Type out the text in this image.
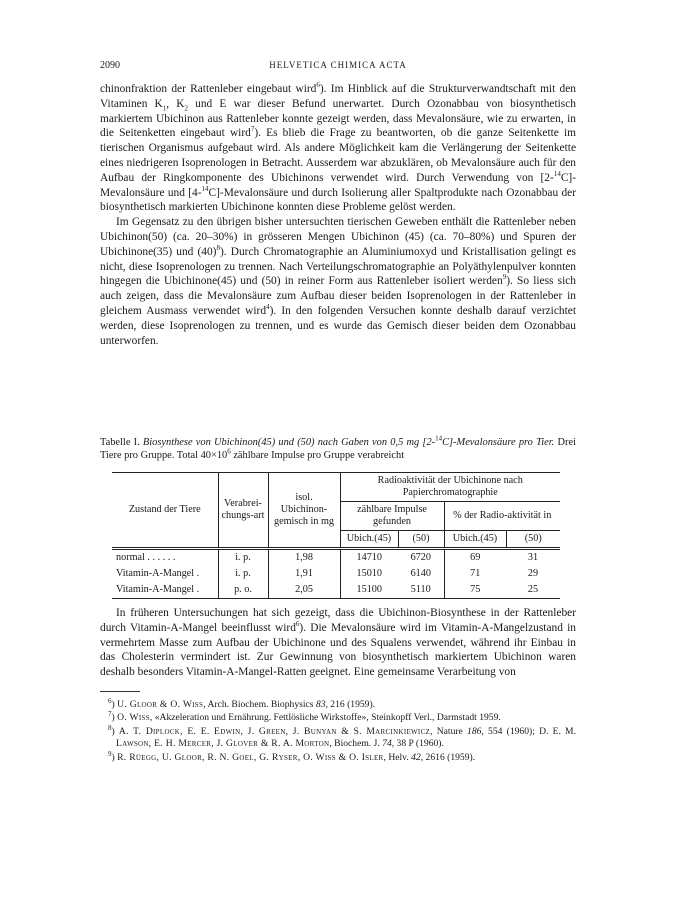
2090	HELVETICA CHIMICA ACTA

chinonfraktion der Rattenleber eingebaut wird$^6$). Im Hinblick auf die Strukturverwandtschaft mit den Vitaminen $K_1$, $K_2$ und E war dieser Befund unerwartet. Durch Ozonabbau von biosynthetisch markiertem Ubichinon aus Rattenleber konnte gezeigt werden, dass Mevalonsäure, wie zu erwarten, in die Seitenketten eingebaut wird$^7$). Es blieb die Frage zu beantworten, ob die ganze Seitenkette im tierischen Organismus aufgebaut wird. Als andere Möglichkeit kam die Verlängerung der Seitenkette eines niedrigeren Isoprenologen in Betracht. Ausserdem war abzuklären, ob Mevalonsäure auch für den Aufbau der Ringkomponente des Ubichinons verwendet wird. Durch Verwendung von [2-$^{14}$C]-Mevalonsäure und [4-$^{14}$C]-Mevalonsäure und durch Isolierung aller Spaltprodukte nach Ozonabbau der biosynthetisch markierten Ubichinone konnten diese Probleme gelöst werden.

Im Gegensatz zu den übrigen bisher untersuchten tierischen Geweben enthält die Rattenleber neben Ubichinon(50) (ca. 20–30%) in grösseren Mengen Ubichinon (45) (ca. 70–80%) und Spuren der Ubichinone(35) und $(40)^8$). Durch Chromatographie an Aluminiumoxyd und Kristallisation gelingt es nicht, diese Isoprenologen zu trennen. Nach Verteilungschromatographie an Polyäthylenpulver konnten hingegen die Ubichinone(45) und (50) in reiner Form aus Rattenleber isoliert werden$^9$). So liess sich auch zeigen, dass die Mevalonsäure zum Aufbau dieser beiden Isoprenologen in der Rattenleber in gleichem Ausmass verwendet wird$^4$). In den folgenden Versuchen konnte deshalb darauf verzichtet werden, diese Isoprenologen zu trennen, und es wurde das Gemisch dieser beiden dem Ozonabbau unterworfen.

Tabelle I. Biosynthese von Ubichinon(45) und (50) nach Gaben von 0,5 mg [2-$^{14}$C]-Mevalonsäure pro Tier. Drei Tiere pro Gruppe. Total $40\times 10^6$ zählbare Impulse pro Gruppe verabreicht
Zustand der Tiere	Verabrei-chungs-art	isol. Ubichinon-gemisch in mg	Radioaktivität der Ubichinone nach Papierchromatographie			
			zählbare Impulse gefunden		% der Radio-aktivität in	
			Ubich.(45)	(50)	Ubich.(45)	(50)
normal . . . . . .	i. p.	1,98	14710	6720	69	31
Vitamin-A-Mangel .	i. p.	1,91	15010	6140	71	29
Vitamin-A-Mangel .	p. o.	2,05	15100	5110	75	25

In früheren Untersuchungen hat sich gezeigt, dass die Ubichinon-Biosynthese in der Rattenleber durch Vitamin-A-Mangel beeinflusst wird$^6$). Die Mevalonsäure wird im Vitamin-A-Mangelzustand in vermehrtem Masse zum Aufbau der Ubichinone und des Squalens verwendet, während ihr Einbau in das Cholesterin vermindert ist. Zur Gewinnung von biosynthetisch markiertem Ubichinon waren deshalb besonders Vitamin-A-Mangel-Ratten geeignet. Eine gemeinsame Verarbeitung von

$^6$) U. Gloor & O. Wiss, Arch. Biochem. Biophysics 83, 216 (1959).

$^7$) O. Wiss, «Akzeleration und Ernährung. Fettlösliche Wirkstoffe», Steinkopff Verl., Darmstadt 1959.

$^8$) A. T. Diplock, E. E. Edwin, J. Green, J. Bunyan & S. Marcinkiewicz, Nature 186, 554 (1960); D. E. M. Lawson, E. H. Mercer, J. Glover & R. A. Morton, Biochem. J. 74, 38 P (1960).

$^9$) R. Rüegg, U. Gloor, R. N. Goel, G. Ryser, O. Wiss & O. Isler, Helv. 42, 2616 (1959).
